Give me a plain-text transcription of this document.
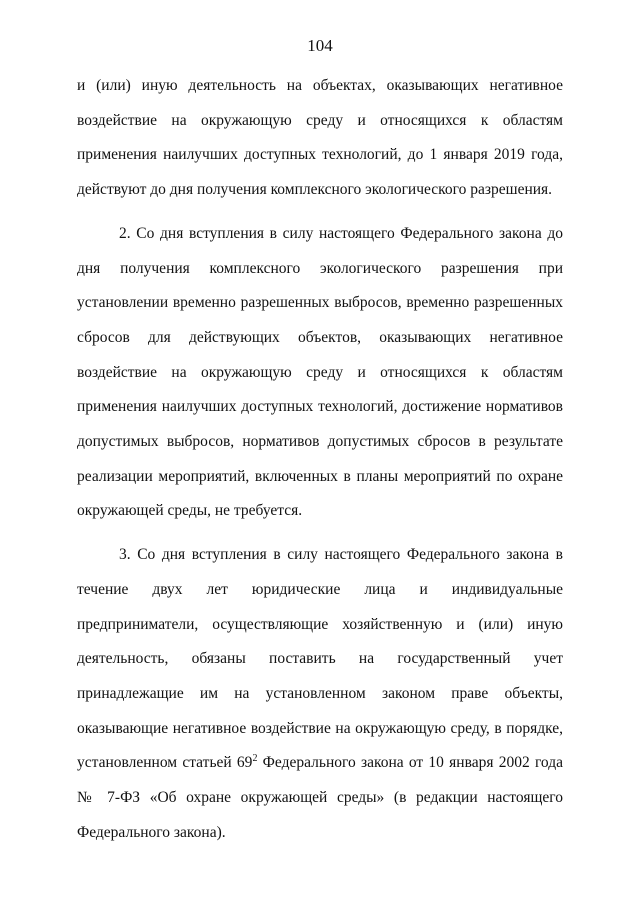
104

и (или) иную деятельность на объектах, оказывающих негативное воздействие на окружающую среду и относящихся к областям применения наилучших доступных технологий, до 1 января 2019 года, действуют до дня получения комплексного экологического разрешения.

2. Со дня вступления в силу настоящего Федерального закона до дня получения комплексного экологического разрешения при установлении временно разрешенных выбросов, временно разрешенных сбросов для действующих объектов, оказывающих негативное воздействие на окружающую среду и относящихся к областям применения наилучших доступных технологий, достижение нормативов допустимых выбросов, нормативов допустимых сбросов в результате реализации мероприятий, включенных в планы мероприятий по охране окружающей среды, не требуется.

3. Со дня вступления в силу настоящего Федерального закона в течение двух лет юридические лица и индивидуальные предприниматели, осуществляющие хозяйственную и (или) иную деятельность, обязаны поставить на государственный учет принадлежащие им на установленном законом праве объекты, оказывающие негативное воздействие на окружающую среду, в порядке, установленном статьей $69^2$ Федерального закона от 10 января 2002 года № 7-ФЗ «Об охране окружающей среды» (в редакции настоящего Федерального закона).
